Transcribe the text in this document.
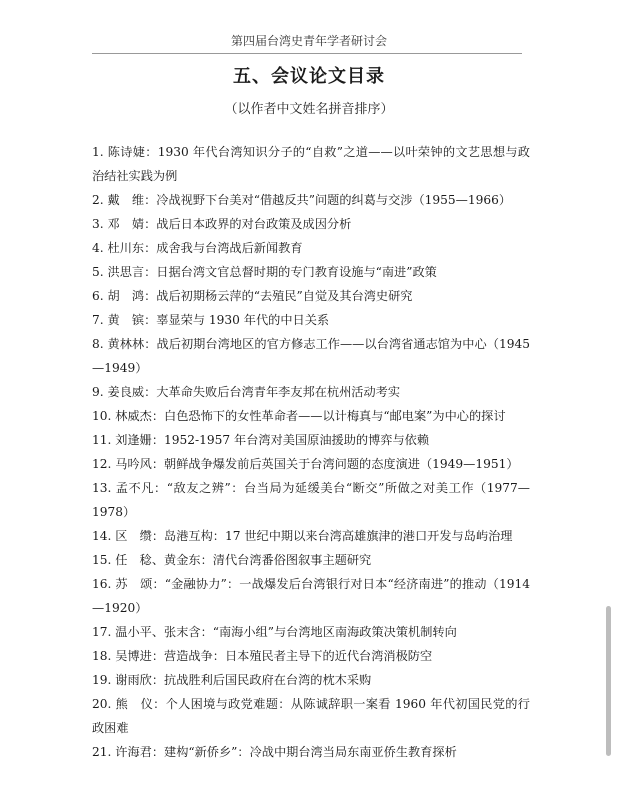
第四届台湾史青年学者研讨会
五、会议论文目录
（以作者中文姓名拼音排序）

1. 陈诗婕：1930 年代台湾知识分子的“自救”之道——以叶荣钟的文艺思想与政治结社实践为例

2. 戴　维：冷战视野下台美对“借越反共”问题的纠葛与交涉（1955—1966）

3. 邓　婧：战后日本政界的对台政策及成因分析

4. 杜川东：成舍我与台湾战后新闻教育

5. 洪思言：日据台湾文官总督时期的专门教育设施与“南进”政策

6. 胡　鸿：战后初期杨云萍的“去殖民”自觉及其台湾史研究

7. 黄　镔：辜显荣与 1930 年代的中日关系

8. 黄林林：战后初期台湾地区的官方修志工作——以台湾省通志馆为中心（1945—1949）

9. 姜良威：大革命失败后台湾青年李友邦在杭州活动考实

10. 林威杰：白色恐怖下的女性革命者——以计梅真与“邮电案”为中心的探讨

11. 刘逢姗：1952-1957 年台湾对美国原油援助的博弈与依赖

12. 马吟风：朝鲜战争爆发前后英国关于台湾问题的态度演进（1949—1951）

13. 孟不凡：“敌友之辨”：台当局为延缓美台“断交”所做之对美工作（1977—1978）

14. 区　缵：岛港互构：17 世纪中期以来台湾高雄旗津的港口开发与岛屿治理

15. 任　稔、黄金东：清代台湾番俗图叙事主题研究

16. 苏　颂：“金融协力”：一战爆发后台湾银行对日本“经济南进”的推动（1914—1920）

17. 温小平、张末含：“南海小组”与台湾地区南海政策决策机制转向

18. 吴博进：营造战争：日本殖民者主导下的近代台湾消极防空

19. 谢雨欣：抗战胜利后国民政府在台湾的枕木采购

20. 熊　仪：个人困境与政党难题：从陈诚辞职一案看 1960 年代初国民党的行政困难

21. 许海君：建构“新侨乡”：冷战中期台湾当局东南亚侨生教育探析
